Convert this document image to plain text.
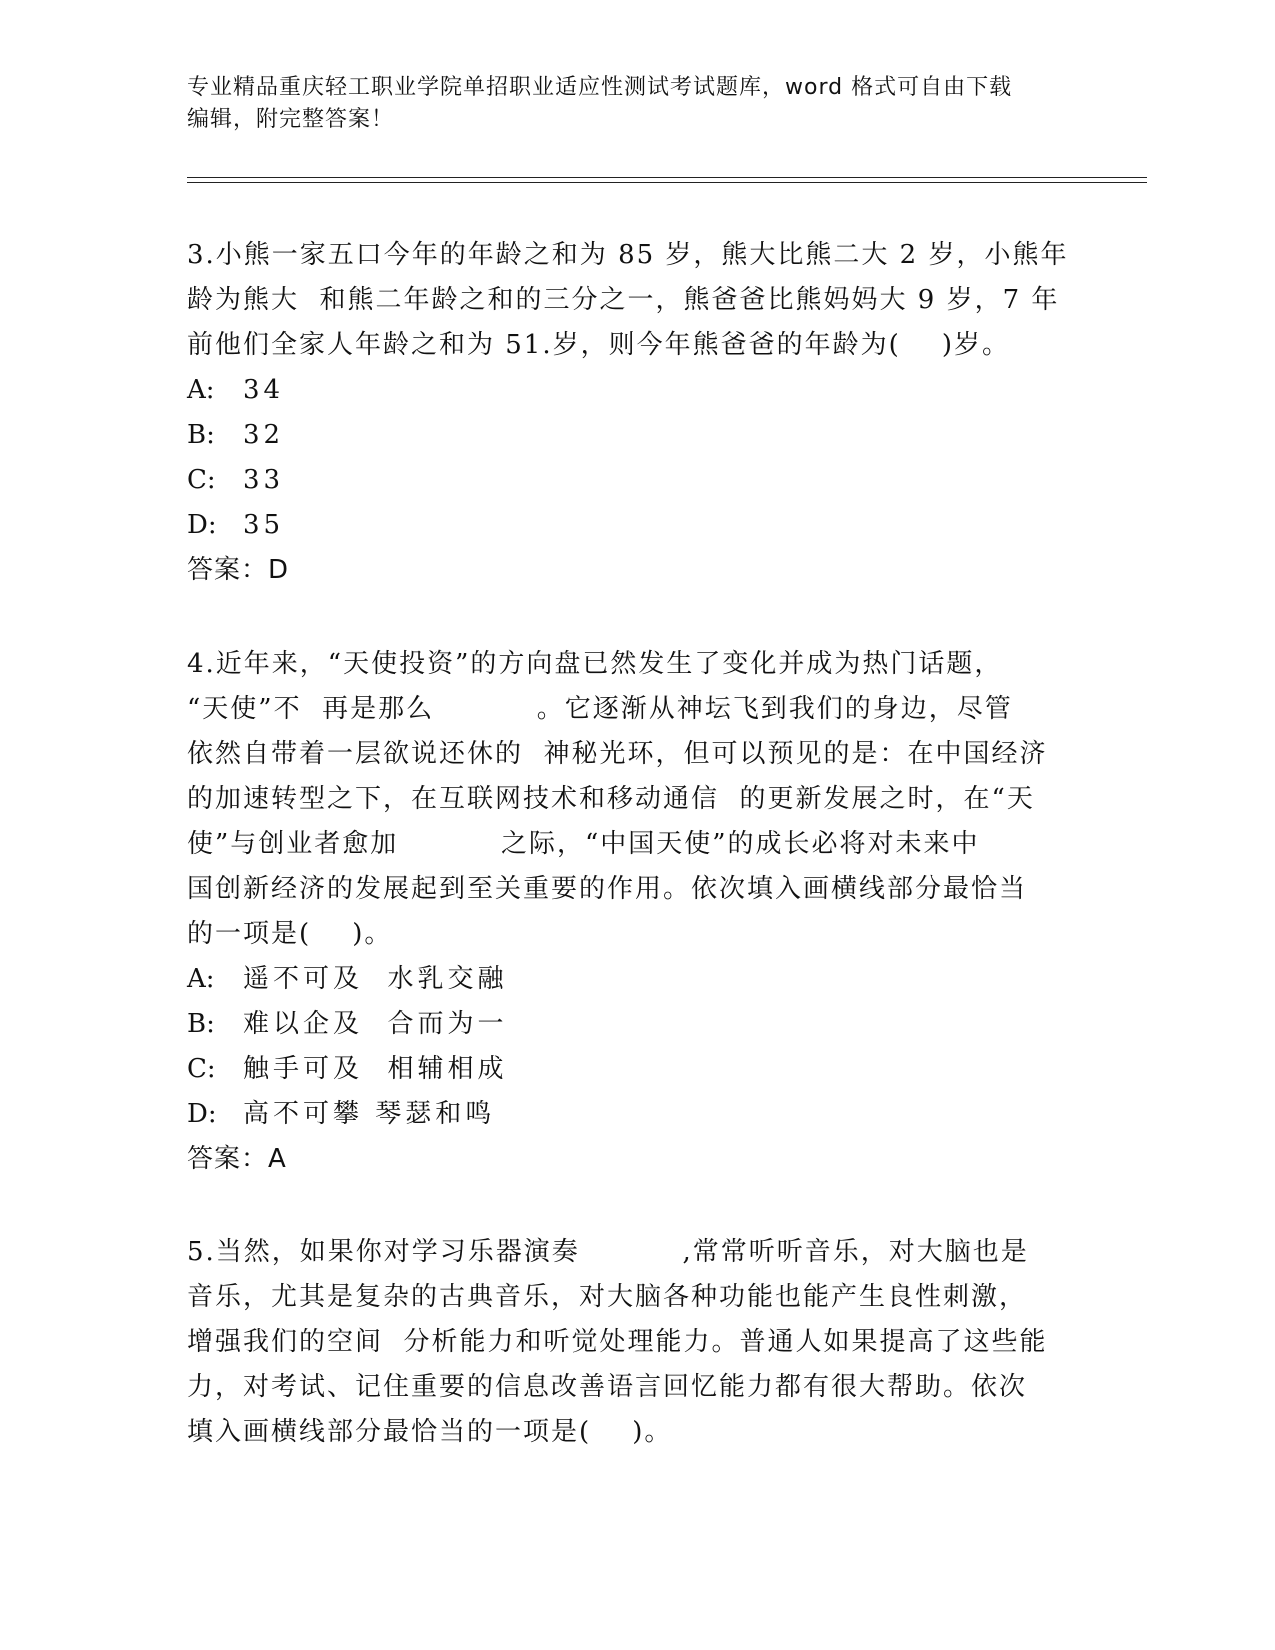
专业精品重庆轻工职业学院单招职业适应性测试考试题库，word 格式可自由下载
编辑，附完整答案！
3.小熊一家五口今年的年龄之和为 85 岁，熊大比熊二大 2 岁，小熊年
龄为熊大  和熊二年龄之和的三分之一，熊爸爸比熊妈妈大 9 岁，7 年
前他们全家人年龄之和为 51.岁，则今年熊爸爸的年龄为(    )岁。
A: 34
B: 32
C: 33
D: 35
答案：D
4.近年来，“天使投资”的方向盘已然发生了变化并成为热门话题，
“天使”不  再是那么          。它逐渐从神坛飞到我们的身边，尽管
依然自带着一层欲说还休的  神秘光环，但可以预见的是：在中国经济
的加速转型之下，在互联网技术和移动通信  的更新发展之时，在“天
使”与创业者愈加          之际，“中国天使”的成长必将对未来中
国创新经济的发展起到至关重要的作用。依次填入画横线部分最恰当
的一项是(    )。
A: 遥不可及  水乳交融
B: 难以企及  合而为一
C: 触手可及  相辅相成
D: 高不可攀 琴瑟和鸣
答案：A
5.当然，如果你对学习乐器演奏          ,常常听听音乐，对大脑也是
音乐，尤其是复杂的古典音乐，对大脑各种功能也能产生良性刺激，
增强我们的空间  分析能力和听觉处理能力。普通人如果提高了这些能
力，对考试、记住重要的信息改善语言回忆能力都有很大帮助。依次
填入画横线部分最恰当的一项是(    )。
